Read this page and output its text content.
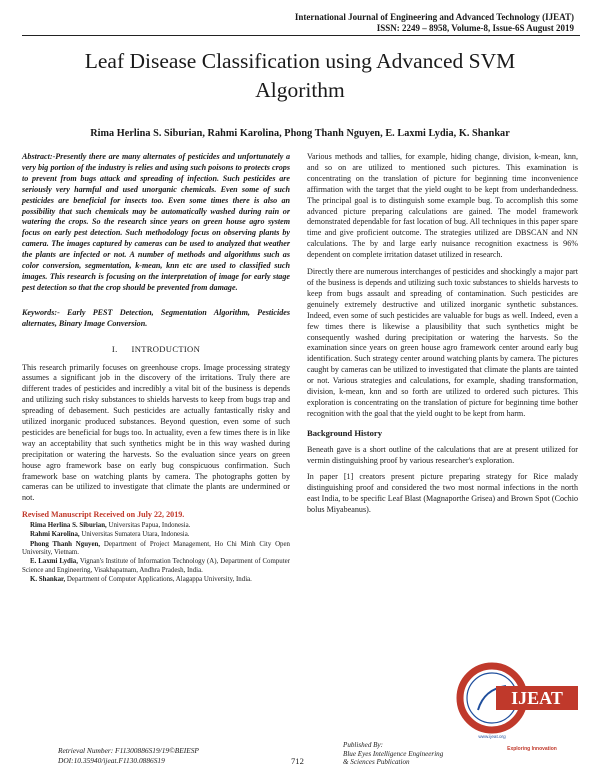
International Journal of Engineering and Advanced Technology (IJEAT)
ISSN: 2249 – 8958, Volume-8, Issue-6S August 2019
Leaf Disease Classification using Advanced SVM
Algorithm
Rima Herlina S. Siburian, Rahmi Karolina, Phong Thanh Nguyen, E. Laxmi Lydia, K. Shankar

Abstract:-Presently there are many alternates of pesticides and unfortunately a very big portion of the industry is relies and using such poisons to protects crops to prevent from bugs attack and spreading of infection. Such pesticides are seriously very harmful and used unorganic chemicals. Even some of such pesticides are beneficial for insects too. Even some times there is also an possibility that such chemicals may be automatically washed during rain or watering the crops. So the research since years on green house agro system focus on early pest detection. Such methodology focus on observing plants by camera. The images captured by cameras can be used to analyzed that weather the plants are infected or not. A number of methods and algorithms such as color conversion, segmentation, k-mean, knn etc are used to classified such images. This research is focusing on the interpretation of image for early stage pest detection so that the crop should be prevented from damage.

Keywords:- Early PEST Detection, Segmentation Algorithm, Pesticides alternates, Binary Image Conversion.

I. INTRODUCTION

This research primarily focuses on greenhouse crops. Image processing strategy assumes a significant job in the discovery of the irritations. Truly there are different trades of pesticides and incredibly a vital bit of the business is depends and utilizing such risky substances to shields harvests to keep from bugs trap and spreading of debasement. Such pesticides are actually fantastically risky and utilized inorganic produced substances. Beyond question, even some of such pesticides are beneficial for bugs too. In actuality, even a few times there is in like way an acceptability that such synthetics might be in this way washed during precipitation or watering the harvests. So the evaluation since years on green house agro framework base on early bug conspicuous confirmation. Such framework base on watching plants by camera. The photographs gotten by cameras can be utilized to investigate that climate the plants are undermined or not.

Revised Manuscript Received on July 22, 2019.

Rima Herlina S. Siburian, Universitas Papua, Indonesia.

Rahmi Karolina, Universitas Sumatera Utara, Indonesia.

Phong Thanh Nguyen, Department of Project Management, Ho Chi Minh City Open University, Vietnam.

E. Laxmi Lydia, Vignan's Institute of Information Technology (A), Department of Computer Science and Engineering, Visakhapatnam, Andhra Pradesh, India.

K. Shankar, Department of Computer Applications, Alagappa University, India.

Various methods and tallies, for example, hiding change, division, k-mean, knn, and so on are utilized to mentioned such pictures. This examination is concentrating on the translation of picture for beginning time inconvenience affirmation with the target that the yield ought to be kept from underhandedness. The principal goal is to distinguish some example bug. To accomplish this some advanced picture preparing calculations are gained. The model framework demonstrated dependable for fast location of bug. All techniques in this paper spare time and give proficient outcome. The strategies utilized are DBSCAN and NN calculations. The by and large early nuisance recognition exactness is 96% dependent on complete irritation dataset utilized in research.

Directly there are numerous interchanges of pesticides and shockingly a major part of the business is depends and utilizing such toxic substances to shields harvests to keep from bugs assault and spreading of contamination. Such pesticides are genuinely extremely destructive and utilized inorganic synthetic substances. Indeed, even some of such pesticides are valuable for bugs as well. Indeed, even a few times there is likewise a plausibility that such synthetics might be consequently washed during precipitation or watering the harvests. So the examination since years on green house agro framework center around early bug identification. Such strategy center around watching plants by camera. The pictures caught by cameras can be utilized to investigated that climate the plants are tainted or not. Various strategies and calculations, for example, shading transformation, division, k-mean, knn and so forth are utilized to ordered such pictures. This exploration is concentrating on the translation of picture for beginning time bother recognition with the goal that the yield ought to be kept from harm.

Background History

Beneath gave is a short outline of the calculations that are at present utilized for vermin distinguishing proof by various researcher's exploration.

In paper [1] creators present picture preparing strategy for Rice malady distinguishing proof and considered the two most normal infections in the north east India, to be specific Leaf Blast (Magnaporthe Grisea) and Brown Spot (Cochio bolus Miyabeanus).

IJEAT
www.ijeat.org
Exploring Innovation
Retrieval Number: F11300886S19/19©BEIESP
DOI:10.35940/ijeat.F1130.0886S19	712
Published By:
Blue Eyes Intelligence Engineering
& Sciences Publication
